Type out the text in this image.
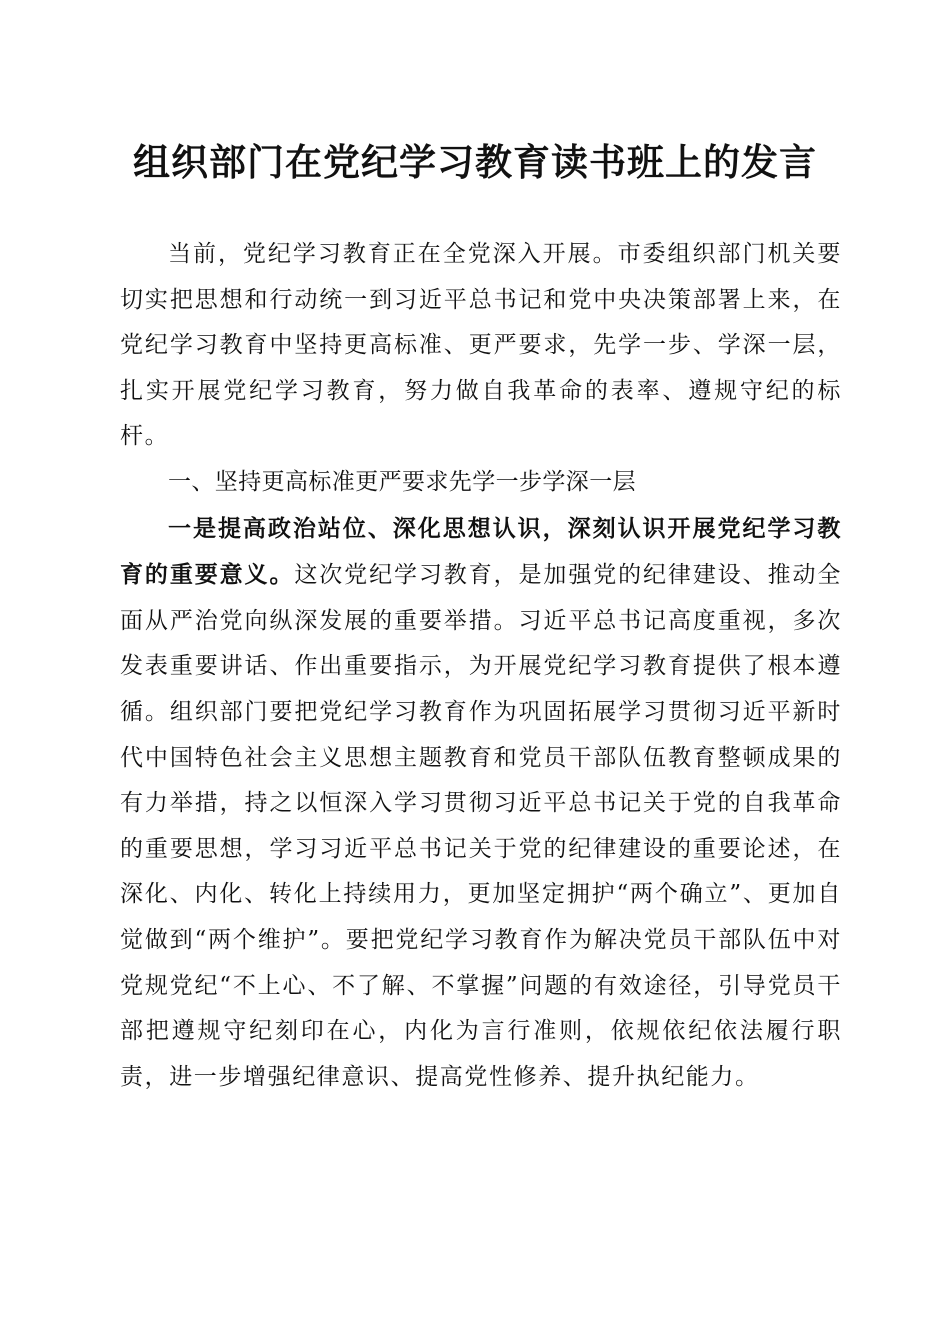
组织部门在党纪学习教育读书班上的发言

当前，党纪学习教育正在全党深入开展。市委组织部门机关要切实把思想和行动统一到习近平总书记和党中央决策部署上来，在党纪学习教育中坚持更高标准、更严要求，先学一步、学深一层，扎实开展党纪学习教育，努力做自我革命的表率、遵规守纪的标杆。

一、坚持更高标准更严要求先学一步学深一层

一是提高政治站位、深化思想认识，深刻认识开展党纪学习教育的重要意义。这次党纪学习教育，是加强党的纪律建设、推动全面从严治党向纵深发展的重要举措。习近平总书记高度重视，多次发表重要讲话、作出重要指示，为开展党纪学习教育提供了根本遵循。组织部门要把党纪学习教育作为巩固拓展学习贯彻习近平新时代中国特色社会主义思想主题教育和党员干部队伍教育整顿成果的有力举措，持之以恒深入学习贯彻习近平总书记关于党的自我革命的重要思想，学习习近平总书记关于党的纪律建设的重要论述，在深化、内化、转化上持续用力，更加坚定拥护“两个确立”、更加自觉做到“两个维护”。要把党纪学习教育作为解决党员干部队伍中对党规党纪“不上心、不了解、不掌握”问题的有效途径，引导党员干部把遵规守纪刻印在心，内化为言行准则，依规依纪依法履行职责，进一步增强纪律意识、提高党性修养、提升执纪能力。
